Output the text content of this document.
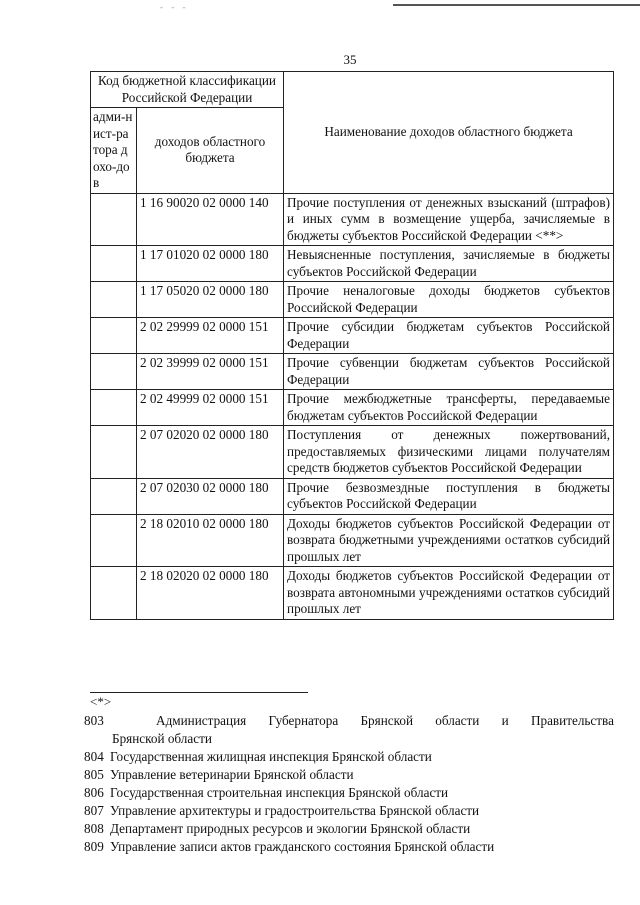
- - -
35
Код бюджетной классификации Российской Федерации		Наименование доходов областного бюджета
адми-нист-ратора дохо-дов	доходов областного бюджета	
	1 16 90020 02 0000 140	Прочие поступления от денежных взысканий (штрафов) и иных сумм в возмещение ущерба, зачисляемые в бюджеты субъектов Российской Федерации <**>
	1 17 01020 02 0000 180	Невыясненные поступления, зачисляемые в бюджеты субъектов Российской Федерации
	1 17 05020 02 0000 180	Прочие неналоговые доходы бюджетов субъектов Российской Федерации
	2 02 29999 02 0000 151	Прочие субсидии бюджетам субъектов Российской Федерации
	2 02 39999 02 0000 151	Прочие субвенции бюджетам субъектов Российской Федерации
	2 02 49999 02 0000 151	Прочие межбюджетные трансферты, передаваемые бюджетам субъектов Российской Федерации
	2 07 02020 02 0000 180	Поступления от денежных пожертвований, предоставляемых физическими лицами получателям средств бюджетов субъектов Российской Федерации
	2 07 02030 02 0000 180	Прочие безвозмездные поступления в бюджеты субъектов Российской Федерации
	2 18 02010 02 0000 180	Доходы бюджетов субъектов Российской Федерации от возврата бюджетными учреждениями остатков субсидий прошлых лет
	2 18 02020 02 0000 180	Доходы бюджетов субъектов Российской Федерации от возврата автономными учреждениями остатков субсидий прошлых лет
<*>
803	Администрация Губернатора Брянской области и Правительства
Брянской области
804 Государственная жилищная инспекция Брянской области
805 Управление ветеринарии Брянской области
806 Государственная строительная инспекция Брянской области
807 Управление архитектуры и градостроительства Брянской области
808 Департамент природных ресурсов и экологии Брянской области
809 Управление записи актов гражданского состояния Брянской области
